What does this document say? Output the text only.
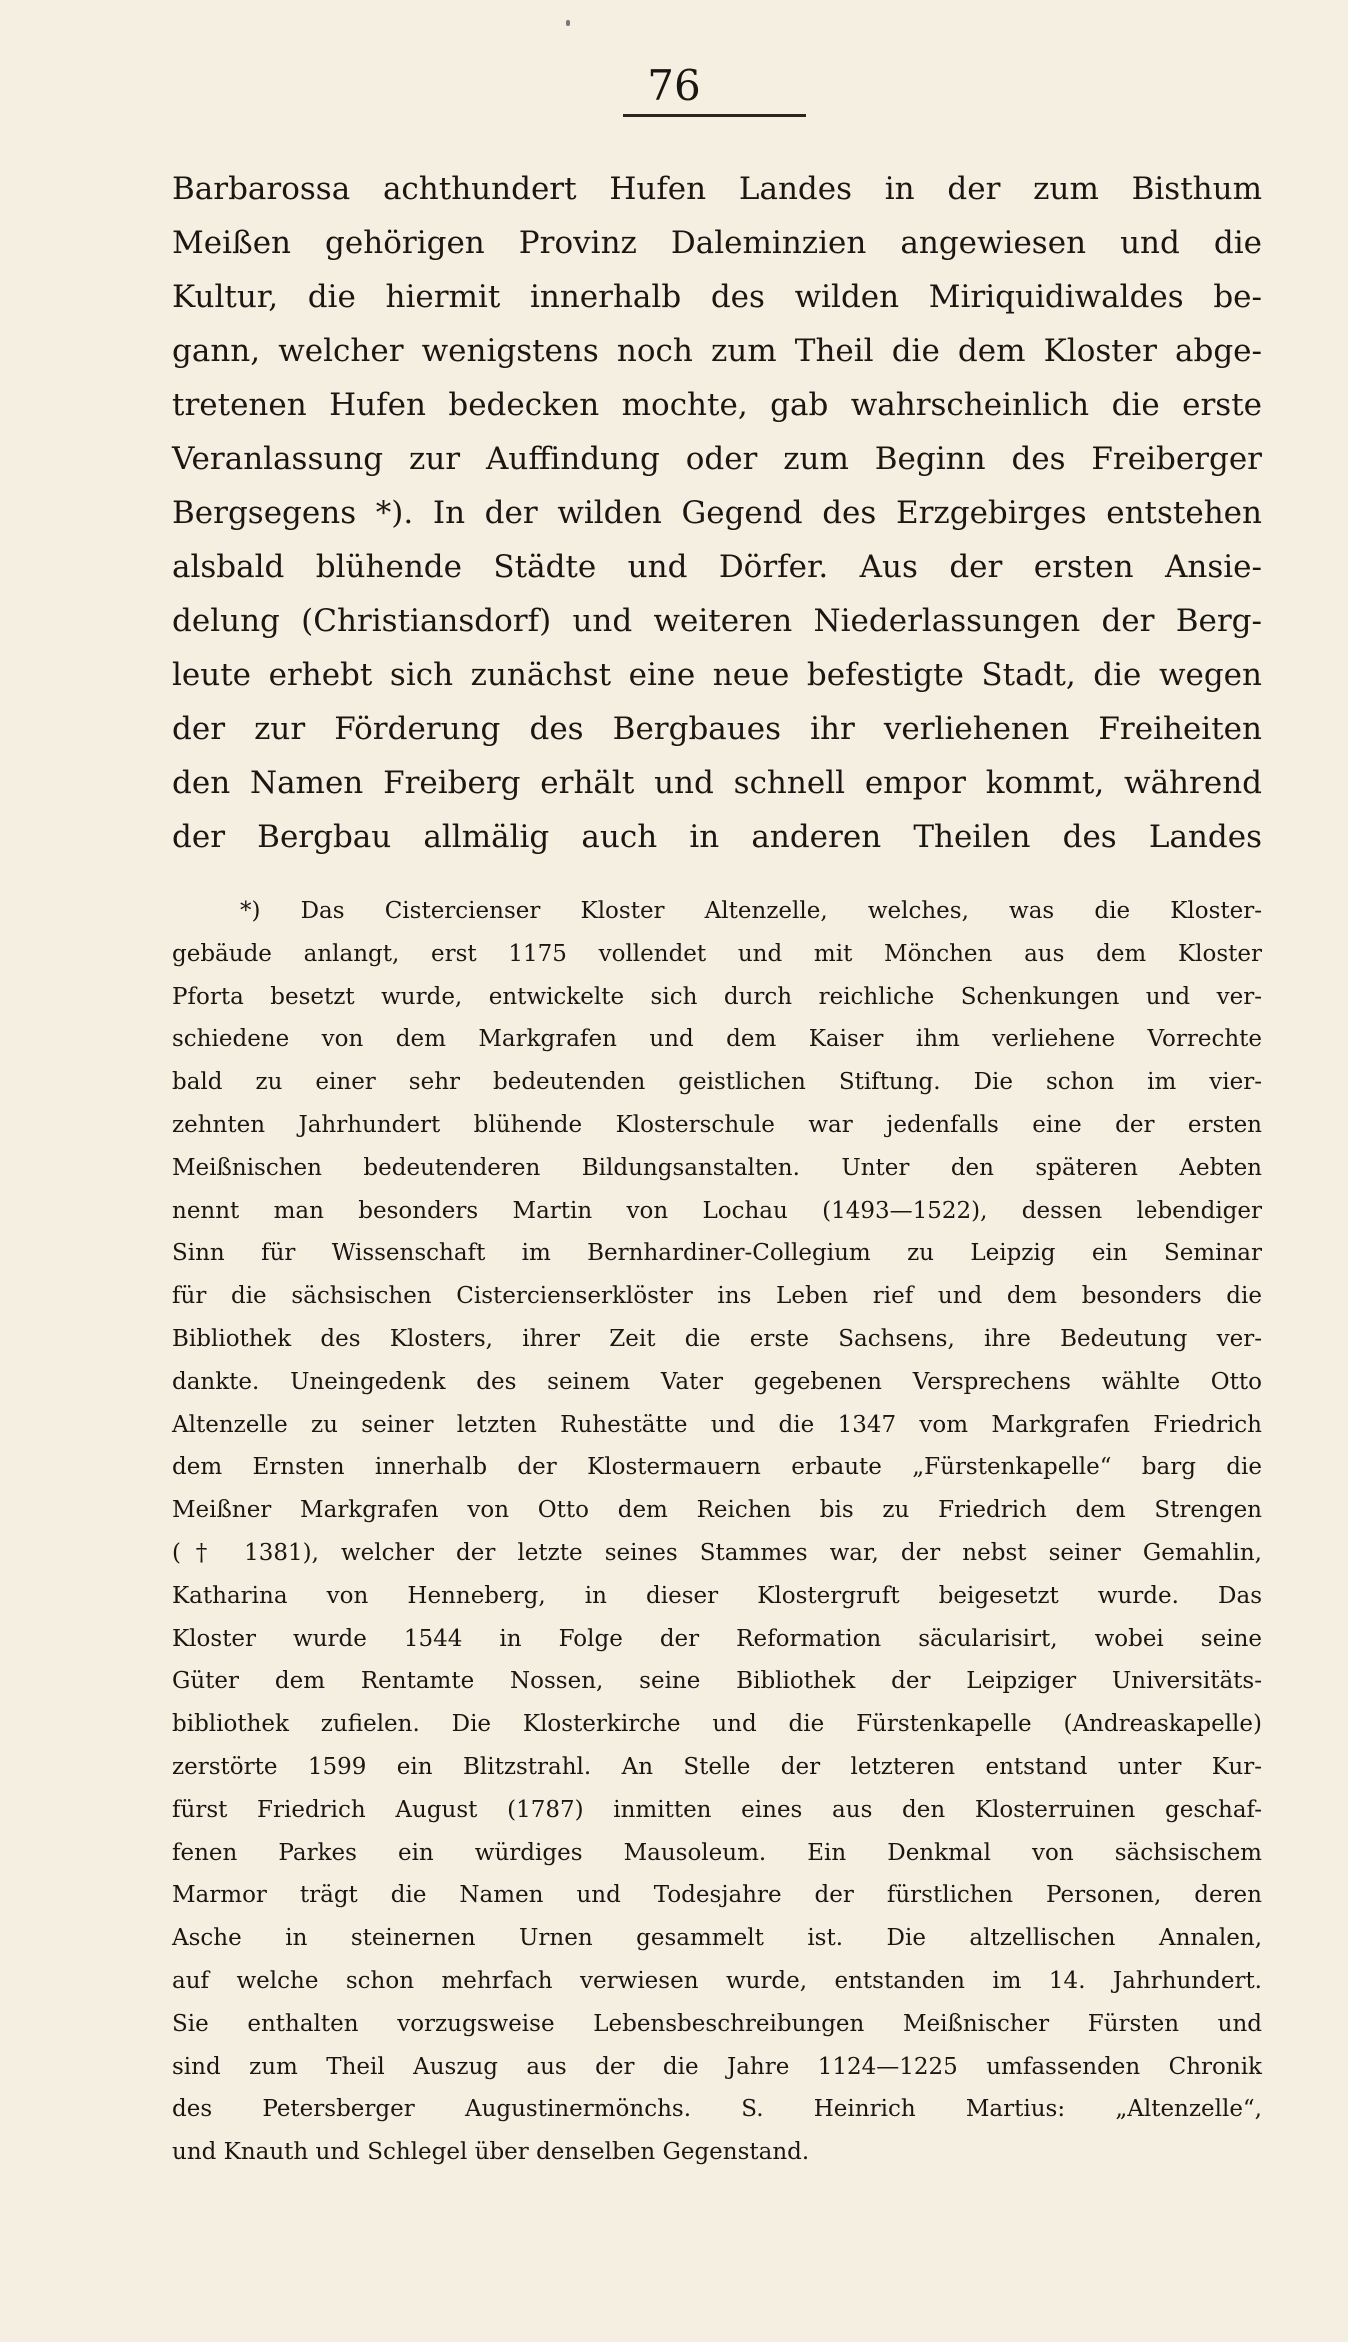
76
Barbarossa achthundert Hufen Landes in der zum Bisthum
Meißen gehörigen Provinz Daleminzien angewiesen und die
Kultur, die hiermit innerhalb des wilden Miriquidiwaldes be-
gann, welcher wenigstens noch zum Theil die dem Kloster abge-
tretenen Hufen bedecken mochte, gab wahrscheinlich die erste
Veranlassung zur Auffindung oder zum Beginn des Freiberger
Bergsegens *). In der wilden Gegend des Erzgebirges entstehen
alsbald blühende Städte und Dörfer. Aus der ersten Ansie-
delung (Christiansdorf) und weiteren Niederlassungen der Berg-
leute erhebt sich zunächst eine neue befestigte Stadt, die wegen
der zur Förderung des Bergbaues ihr verliehenen Freiheiten
den Namen Freiberg erhält und schnell empor kommt, während
der Bergbau allmälig auch in anderen Theilen des Landes
*) Das Cistercienser Kloster Altenzelle, welches, was die Kloster-
gebäude anlangt, erst 1175 vollendet und mit Mönchen aus dem Kloster
Pforta besetzt wurde, entwickelte sich durch reichliche Schenkungen und ver-
schiedene von dem Markgrafen und dem Kaiser ihm verliehene Vorrechte
bald zu einer sehr bedeutenden geistlichen Stiftung. Die schon im vier-
zehnten Jahrhundert blühende Klosterschule war jedenfalls eine der ersten
Meißnischen bedeutenderen Bildungsanstalten. Unter den späteren Aebten
nennt man besonders Martin von Lochau (1493—1522), dessen lebendiger
Sinn für Wissenschaft im Bernhardiner-Collegium zu Leipzig ein Seminar
für die sächsischen Cistercienserklöster ins Leben rief und dem besonders die
Bibliothek des Klosters, ihrer Zeit die erste Sachsens, ihre Bedeutung ver-
dankte. Uneingedenk des seinem Vater gegebenen Versprechens wählte Otto
Altenzelle zu seiner letzten Ruhestätte und die 1347 vom Markgrafen Friedrich
dem Ernsten innerhalb der Klostermauern erbaute „Fürstenkapelle“ barg die
Meißner Markgrafen von Otto dem Reichen bis zu Friedrich dem Strengen
(† 1381), welcher der letzte seines Stammes war, der nebst seiner Gemahlin,
Katharina von Henneberg, in dieser Klostergruft beigesetzt wurde. Das
Kloster wurde 1544 in Folge der Reformation säcularisirt, wobei seine
Güter dem Rentamte Nossen, seine Bibliothek der Leipziger Universitäts-
bibliothek zufielen. Die Klosterkirche und die Fürstenkapelle (Andreaskapelle)
zerstörte 1599 ein Blitzstrahl. An Stelle der letzteren entstand unter Kur-
fürst Friedrich August (1787) inmitten eines aus den Klosterruinen geschaf-
fenen Parkes ein würdiges Mausoleum. Ein Denkmal von sächsischem
Marmor trägt die Namen und Todesjahre der fürstlichen Personen, deren
Asche in steinernen Urnen gesammelt ist. Die altzellischen Annalen,
auf welche schon mehrfach verwiesen wurde, entstanden im 14. Jahrhundert.
Sie enthalten vorzugsweise Lebensbeschreibungen Meißnischer Fürsten und
sind zum Theil Auszug aus der die Jahre 1124—1225 umfassenden Chronik
des Petersberger Augustinermönchs. S. Heinrich Martius: „Altenzelle“,
und Knauth und Schlegel über denselben Gegenstand.
